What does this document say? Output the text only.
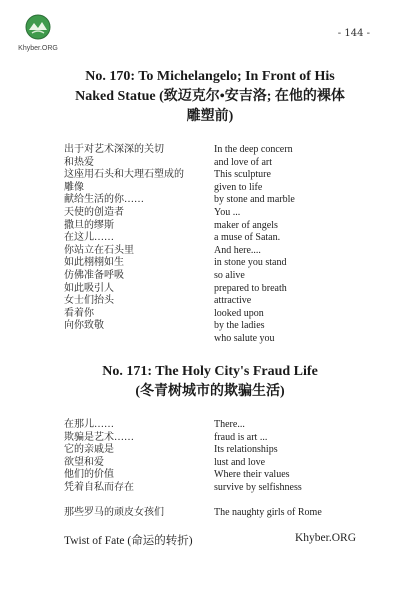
Khyber.ORG
- 144 -
No. 170: To Michelangelo; In Front of His
Naked Statue (致迈克尔•安吉洛; 在他的裸体
雕塑前)
出于对艺术深深的关切
和热爱
这座用石头和大理石塑成的
雕像
献给生活的你……
天使的创造者
撒旦的缪斯
在这儿……
你站立在石头里
如此栩栩如生
仿佛准备呼吸
如此吸引人
女士们抬头
看着你
向你致敬
In the deep concern
and love of art
This sculpture
given to life
by stone and marble
You ...
maker of angels
a muse of Satan.
And here....
in stone you stand
so alive
prepared to breath
attractive
looked upon
by the ladies
who salute you
No. 171: The Holy City's Fraud Life
(冬青树城市的欺骗生活)
在那儿……
欺骗是艺术……
它的亲戚是
欲望和爱
他们的价值
凭着自私而存在
There...
fraud is art ...
Its relationships
lust and love
Where their values
survive by selfishness
那些罗马的顽皮女孩们	The naughty girls of Rome
Twist of Fate (命运的转折)	Khyber.ORG
